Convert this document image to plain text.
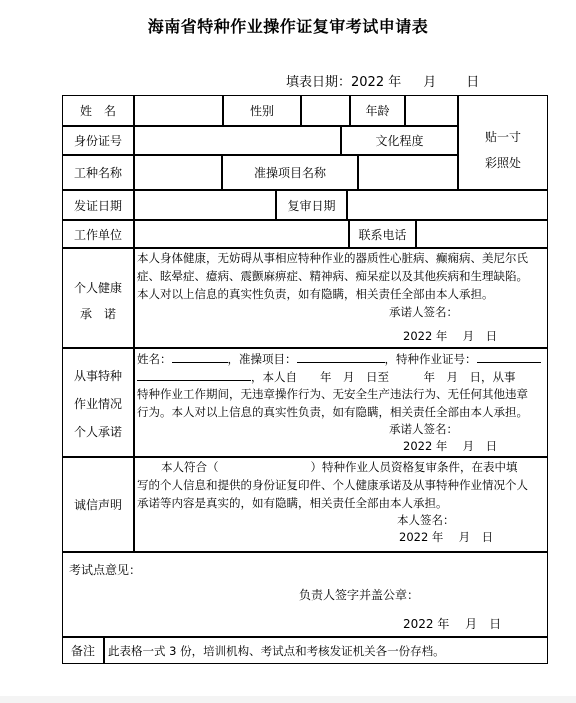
海南省特种作业操作证复审考试申请表
填表日期：2022 年 月 日
姓　名	性别	年龄
贴一寸
彩照处
身份证号	文化程度
工种名称	准操项目名称
发证日期	复审日期
工作单位	联系电话
个人健康
承　诺
本人身体健康，无妨碍从事相应特种作业的器质性心脏病、癫痫病、美尼尔氏
症、眩晕症、癔病、震颤麻痹症、精神病、痴呆症以及其他疾病和生理缺陷。
本人对以上信息的真实性负责，如有隐瞒，相关责任全部由本人承担。
承诺人签名：
2022 年　 月　日
从事特种
作业情况
个人承诺
姓名：	，准操项目：	，特种作业证号：
，本人自　　年　月　日至　　　年　月　日，从事
特种作业工作期间，无违章操作行为、无安全生产违法行为、无任何其他违章
行为。本人对以上信息的真实性负责，如有隐瞒，相关责任全部由本人承担。
承诺人签名：
2022 年　 月　日
诚信声明
本人符合（　　　　　　　　）特种作业人员资格复审条件，在表中填
写的个人信息和提供的身份证复印件、个人健康承诺及从事特种作业情况个人
承诺等内容是真实的，如有隐瞒，相关责任全部由本人承担。
本人签名：
2022 年　 月　日
考试点意见：
负责人签字并盖公章：
2022 年　 月　日
备注	此表格一式 3 份，培训机构、考试点和考核发证机关各一份存档。
